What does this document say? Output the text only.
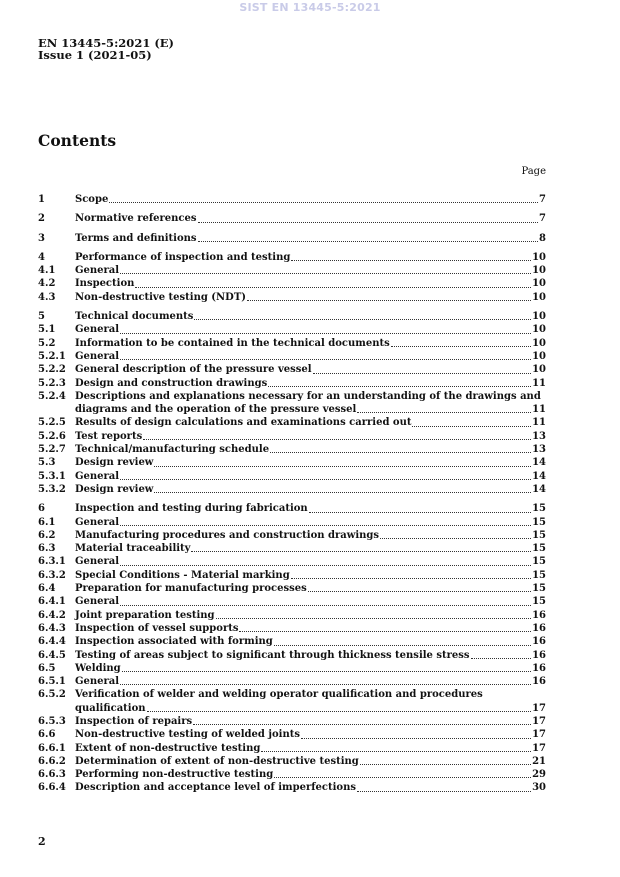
SIST EN 13445-5:2021
EN 13445-5:2021 (E)
Issue 1 (2021-05)
Contents
Page
1	Scope	7
2	Normative references	7
3	Terms and definitions	8
4	Performance of inspection and testing	10
4.1	General	10
4.2	Inspection	10
4.3	Non-destructive testing (NDT)	10
5	Technical documents	10
5.1	General	10
5.2	Information to be contained in the technical documents	10
5.2.1 General	10
5.2.2 General description of the pressure vessel	10
5.2.3 Design and construction drawings	11
5.2.4 Descriptions and explanations necessary for an understanding of the drawings and
diagrams and the operation of the pressure vessel	11
5.2.5 Results of design calculations and examinations carried out	11
5.2.6 Test reports	13
5.2.7 Technical/manufacturing schedule	13
5.3	Design review	14
5.3.1 General	14
5.3.2 Design review	14
6	Inspection and testing during fabrication	15
6.1	General	15
6.2	Manufacturing procedures and construction drawings	15
6.3	Material traceability	15
6.3.1 General	15
6.3.2 Special Conditions - Material marking	15
6.4	Preparation for manufacturing processes	15
6.4.1 General	15
6.4.2 Joint preparation testing	16
6.4.3 Inspection of vessel supports	16
6.4.4 Inspection associated with forming	16
6.4.5 Testing of areas subject to significant through thickness tensile stress	16
6.5	Welding	16
6.5.1 General	16
6.5.2 Verification of welder and welding operator qualification and procedures
qualification	17
6.5.3 Inspection of repairs	17
6.6	Non-destructive testing of welded joints	17
6.6.1 Extent of non-destructive testing	17
6.6.2 Determination of extent of non-destructive testing	21
6.6.3 Performing non-destructive testing	29
6.6.4 Description and acceptance level of imperfections	30
2
